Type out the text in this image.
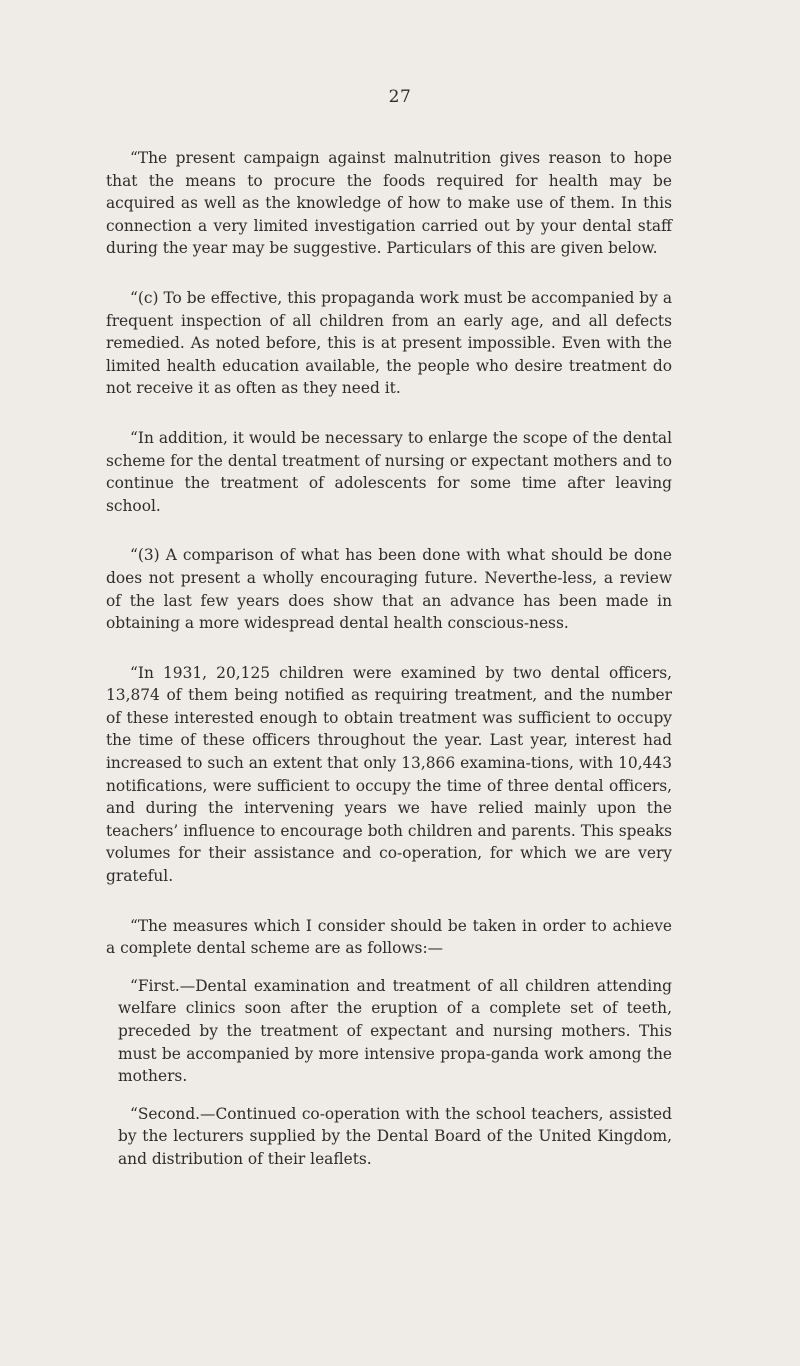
27

“The present campaign against malnutrition gives reason to hope that the means to procure the foods required for health may be acquired as well as the knowledge of how to make use of them. In this connection a very limited investigation carried out by your dental staff during the year may be suggestive. Particulars of this are given below.

“(c) To be effective, this propaganda work must be accompanied by a frequent inspection of all children from an early age, and all defects remedied. As noted before, this is at present impossible. Even with the limited health education available, the people who desire treatment do not receive it as often as they need it.

“In addition, it would be necessary to enlarge the scope of the dental scheme for the dental treatment of nursing or expectant mothers and to continue the treatment of adolescents for some time after leaving school.

“(3) A comparison of what has been done with what should be done does not present a wholly encouraging future. Neverthe-less, a review of the last few years does show that an advance has been made in obtaining a more widespread dental health conscious-ness.

“In 1931, 20,125 children were examined by two dental officers, 13,874 of them being notified as requiring treatment, and the number of these interested enough to obtain treatment was sufficient to occupy the time of these officers throughout the year. Last year, interest had increased to such an extent that only 13,866 examina-tions, with 10,443 notifications, were sufficient to occupy the time of three dental officers, and during the intervening years we have relied mainly upon the teachers’ influence to encourage both children and parents. This speaks volumes for their assistance and co-operation, for which we are very grateful.

“The measures which I consider should be taken in order to achieve a complete dental scheme are as follows:—

“First.—Dental examination and treatment of all children attending welfare clinics soon after the eruption of a complete set of teeth, preceded by the treatment of expectant and nursing mothers. This must be accompanied by more intensive propa-ganda work among the mothers.

“Second.—Continued co-operation with the school teachers, assisted by the lecturers supplied by the Dental Board of the United Kingdom, and distribution of their leaflets.
